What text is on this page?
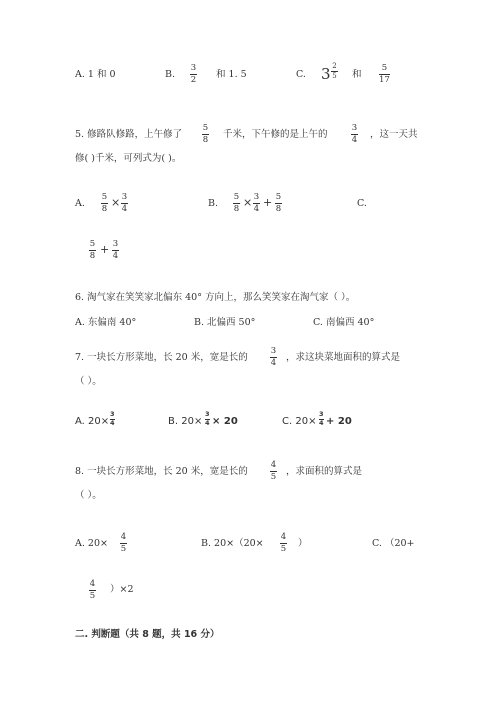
A. 1 和 0	B.
3
2 和 1. 5	C. 3 2
5 和
5
17
5. 修路队修路，上午修了
5
8 千米，下午修的是上午的
3
4 ，这一天共
修( )千米，可列式为( )。
A.
5
8 × 3
4	B.
5
8 × 3
4 + 5
8	C.
5
8 + 3
4
6. 淘气家在笑笑家北偏东 40° 方向上，那么笑笑家在淘气家（ ）。
A. 东偏南 40°	B. 北偏西 50°	C. 南偏西 40°
7. 一块长方形菜地，长 20 米，宽是长的
3
4 ，求这块菜地面积的算式是
（ ）。
A. 20×
3
4	B. 20×
3
4 × 20	C. 20×
3
4 + 20
8. 一块长方形菜地，长 20 米，宽是长的
4
5 ，求面积的算式是
（ ）。
A. 20×
4
5	B. 20×（20×
4
5 ）	C. （20+
4
5
）×2
二. 判断题（共 8 题，共 16 分）
